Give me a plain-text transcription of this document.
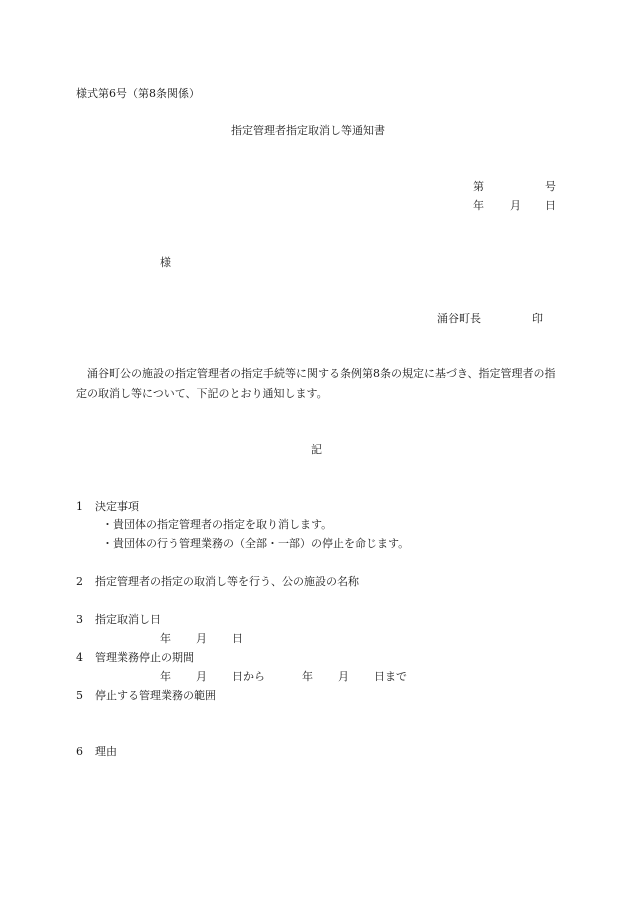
様式第6号（第8条関係）
指定管理者指定取消し等通知書
第	号
年 月 日
様
涌谷町長	印
涌谷町公の施設の指定管理者の指定手続等に関する条例第8条の規定に基づき、指定管理者の指定の取消し等について、下記のとおり通知します。
記
1 決定事項
・貴団体の指定管理者の指定を取り消します。
・貴団体の行う管理業務の（全部・一部）の停止を命じます。
2 指定管理者の指定の取消し等を行う、公の施設の名称
3 指定取消し日
年 月 日
4 管理業務停止の期間
年 月 日から	年 月 日まで
5 停止する管理業務の範囲
6 理由
